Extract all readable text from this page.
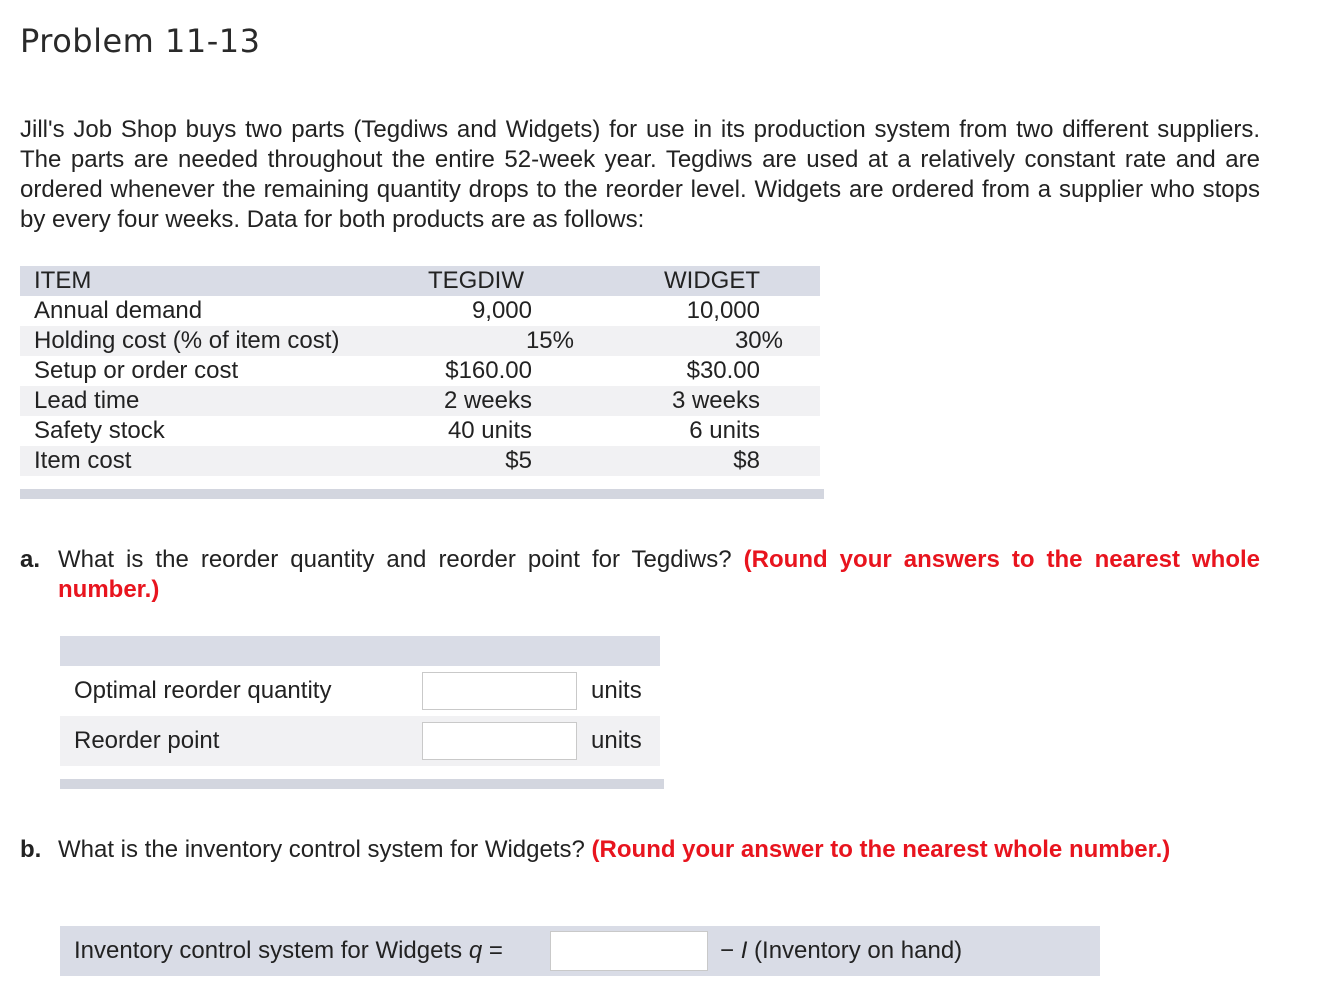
Problem 11-13
Jill's Job Shop buys two parts (Tegdiws and Widgets) for use in its production system from two different suppliers. The parts are needed throughout the entire 52-week year. Tegdiws are used at a relatively constant rate and are ordered whenever the remaining quantity drops to the reorder level. Widgets are ordered from a supplier who stops by every four weeks. Data for both products are as follows:
ITEM	TEGDIW	WIDGET
Annual demand	9,000	10,000
Holding cost (% of item cost)	15%	30%
Setup or order cost	$160.00	$30.00
Lead time	2 weeks	3 weeks
Safety stock	40 units	6 units
Item cost	$5	$8
a. What is the reorder quantity and reorder point for Tegdiws? (Round your answers to the nearest whole number.)
Optimal reorder quantity	units
Reorder point	units
b. What is the inventory control system for Widgets? (Round your answer to the nearest whole number.)
Inventory control system for Widgets q =	− I (Inventory on hand)
